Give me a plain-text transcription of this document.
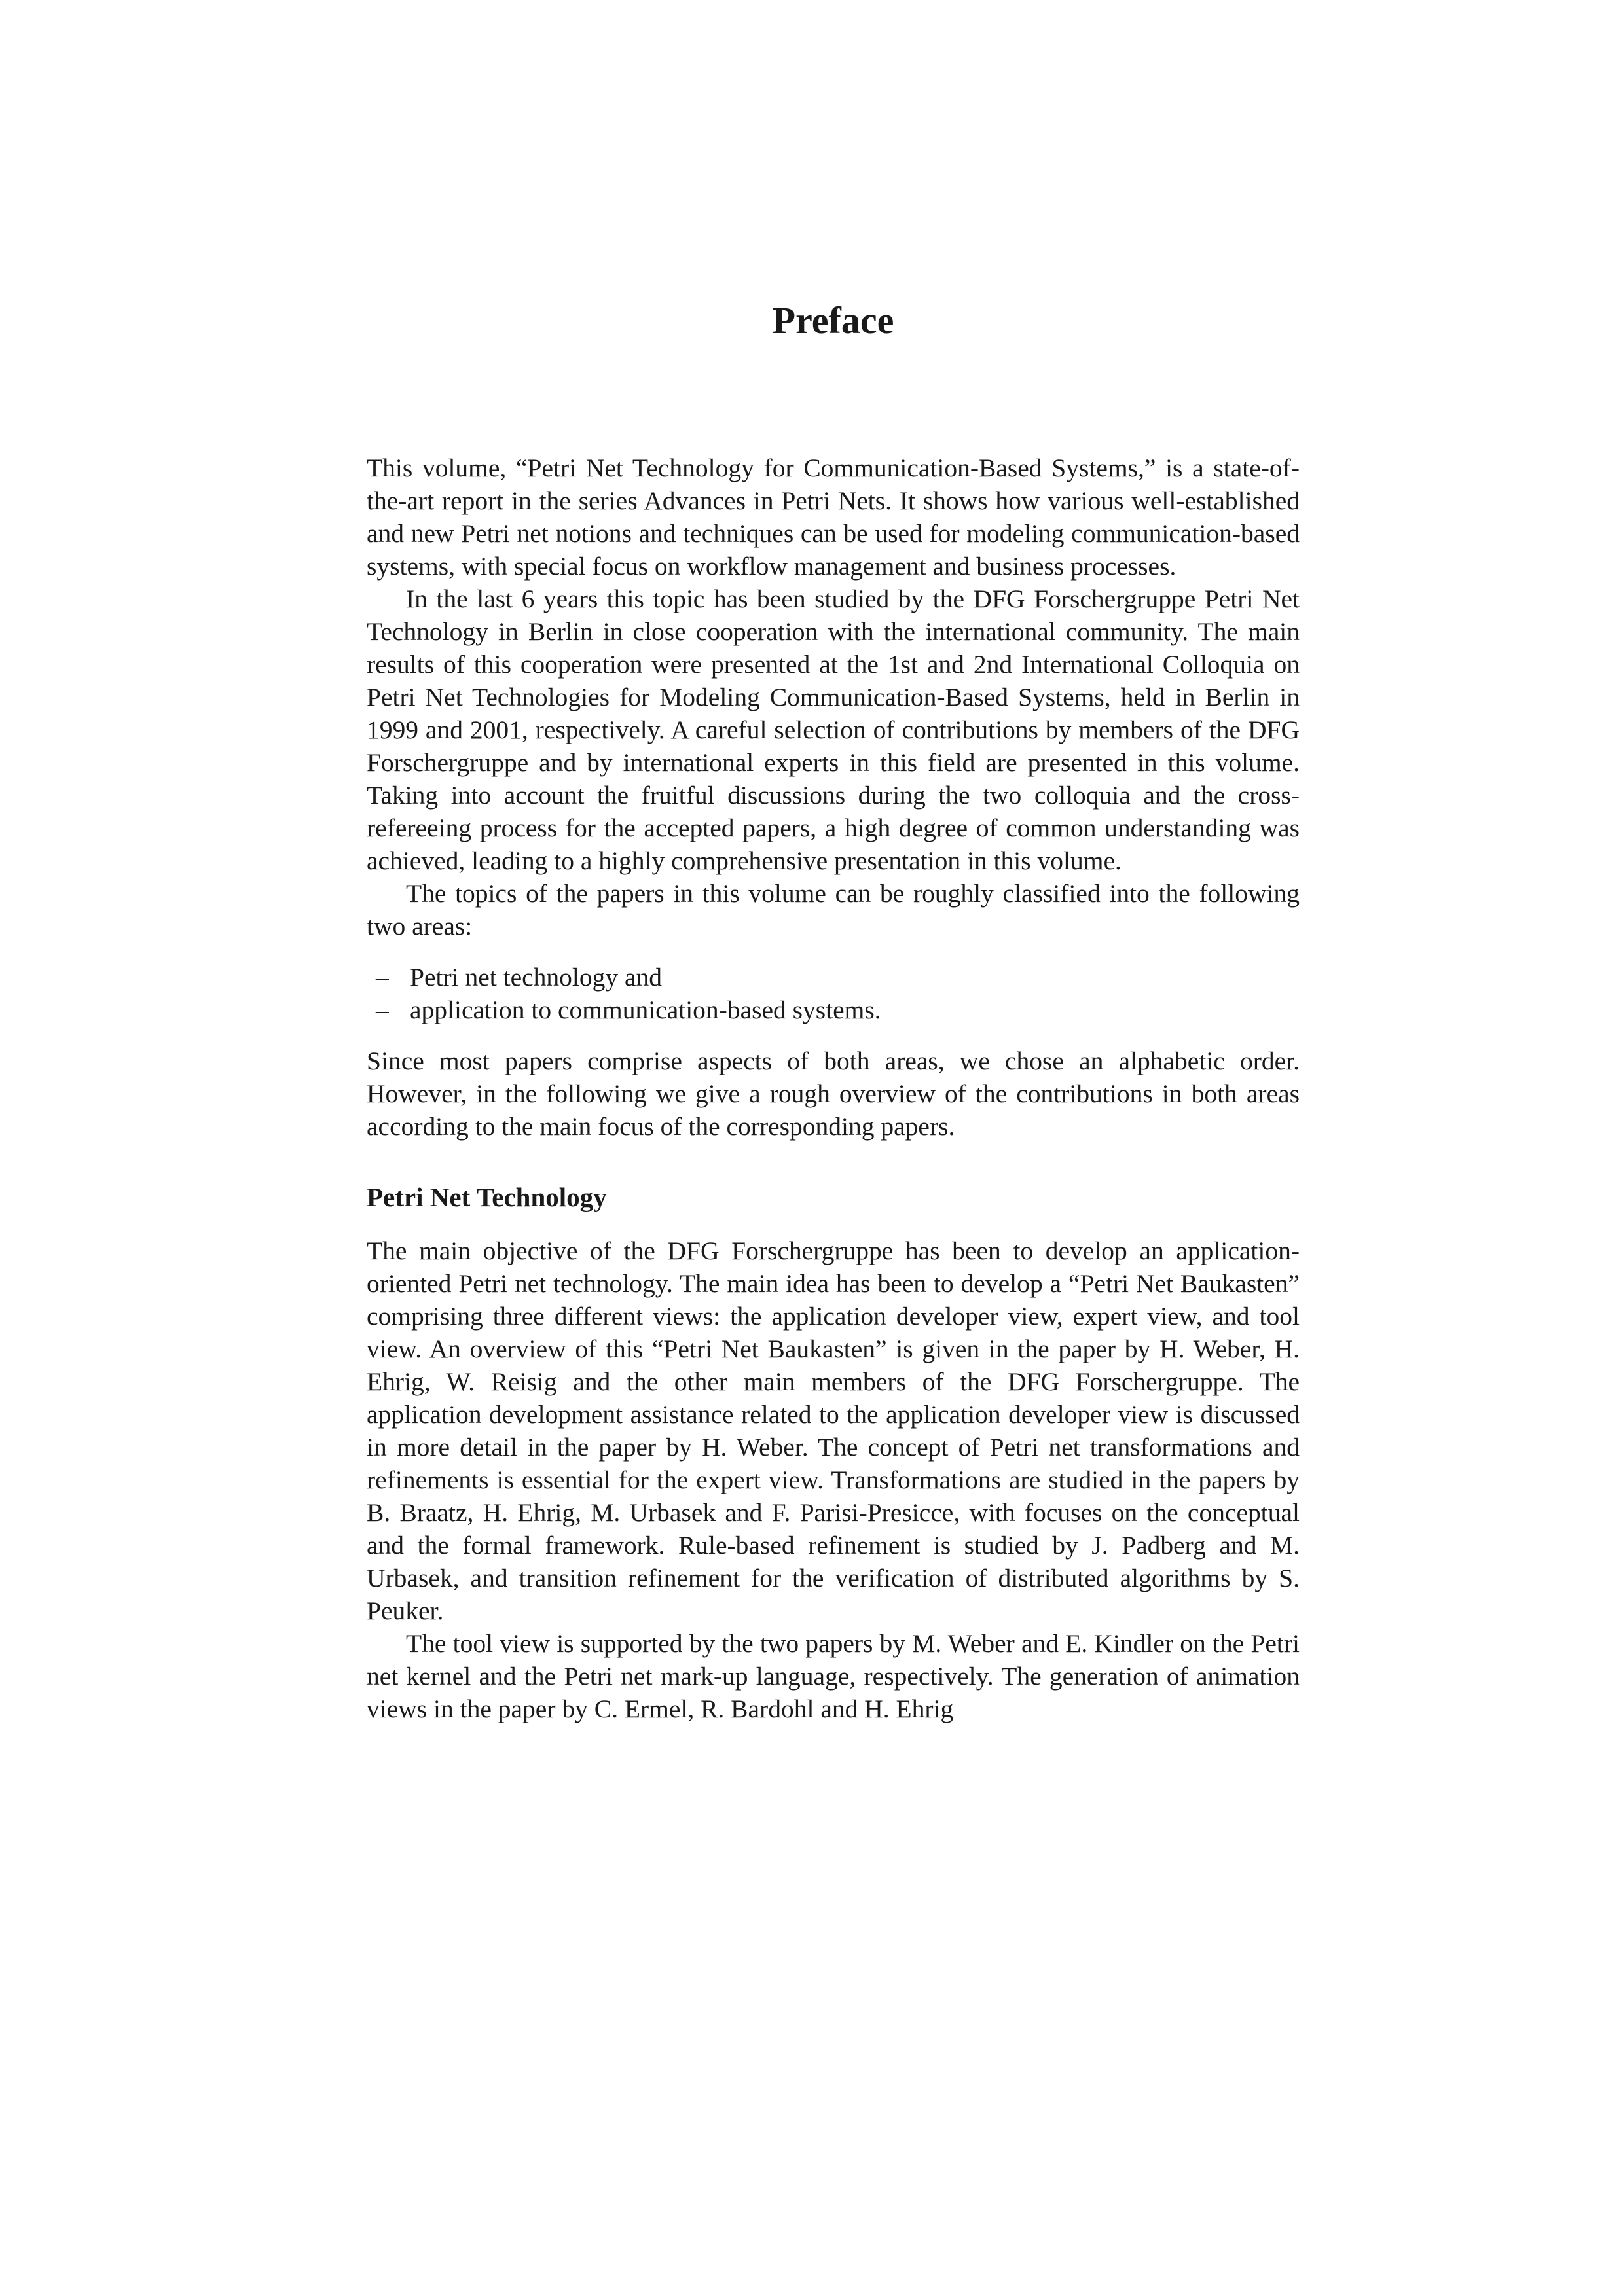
Preface

This volume, “Petri Net Technology for Communication-Based Systems,” is a state-of-the-art report in the series Advances in Petri Nets. It shows how various well-established and new Petri net notions and techniques can be used for modeling communication-based systems, with special focus on workflow management and business processes.

In the last 6 years this topic has been studied by the DFG Forschergruppe Petri Net Technology in Berlin in close cooperation with the international community. The main results of this cooperation were presented at the 1st and 2nd International Colloquia on Petri Net Technologies for Modeling Communication-Based Systems, held in Berlin in 1999 and 2001, respectively. A careful selection of contributions by members of the DFG Forschergruppe and by international experts in this field are presented in this volume. Taking into account the fruitful discussions during the two colloquia and the cross-refereeing process for the accepted papers, a high degree of common understanding was achieved, leading to a highly comprehensive presentation in this volume.

The topics of the papers in this volume can be roughly classified into the following two areas:

– Petri net technology and
– application to communication-based systems.

Since most papers comprise aspects of both areas, we chose an alphabetic order. However, in the following we give a rough overview of the contributions in both areas according to the main focus of the corresponding papers.

Petri Net Technology

The main objective of the DFG Forschergruppe has been to develop an application-oriented Petri net technology. The main idea has been to develop a “Petri Net Baukasten” comprising three different views: the application developer view, expert view, and tool view. An overview of this “Petri Net Baukasten” is given in the paper by H. Weber, H. Ehrig, W. Reisig and the other main members of the DFG Forschergruppe. The application development assistance related to the application developer view is discussed in more detail in the paper by H. Weber. The concept of Petri net transformations and refinements is essential for the expert view. Transformations are studied in the papers by B. Braatz, H. Ehrig, M. Urbasek and F. Parisi-Presicce, with focuses on the conceptual and the formal framework. Rule-based refinement is studied by J. Padberg and M. Urbasek, and transition refinement for the verification of distributed algorithms by S. Peuker.

The tool view is supported by the two papers by M. Weber and E. Kindler on the Petri net kernel and the Petri net mark-up language, respectively. The generation of animation views in the paper by C. Ermel, R. Bardohl and H. Ehrig
